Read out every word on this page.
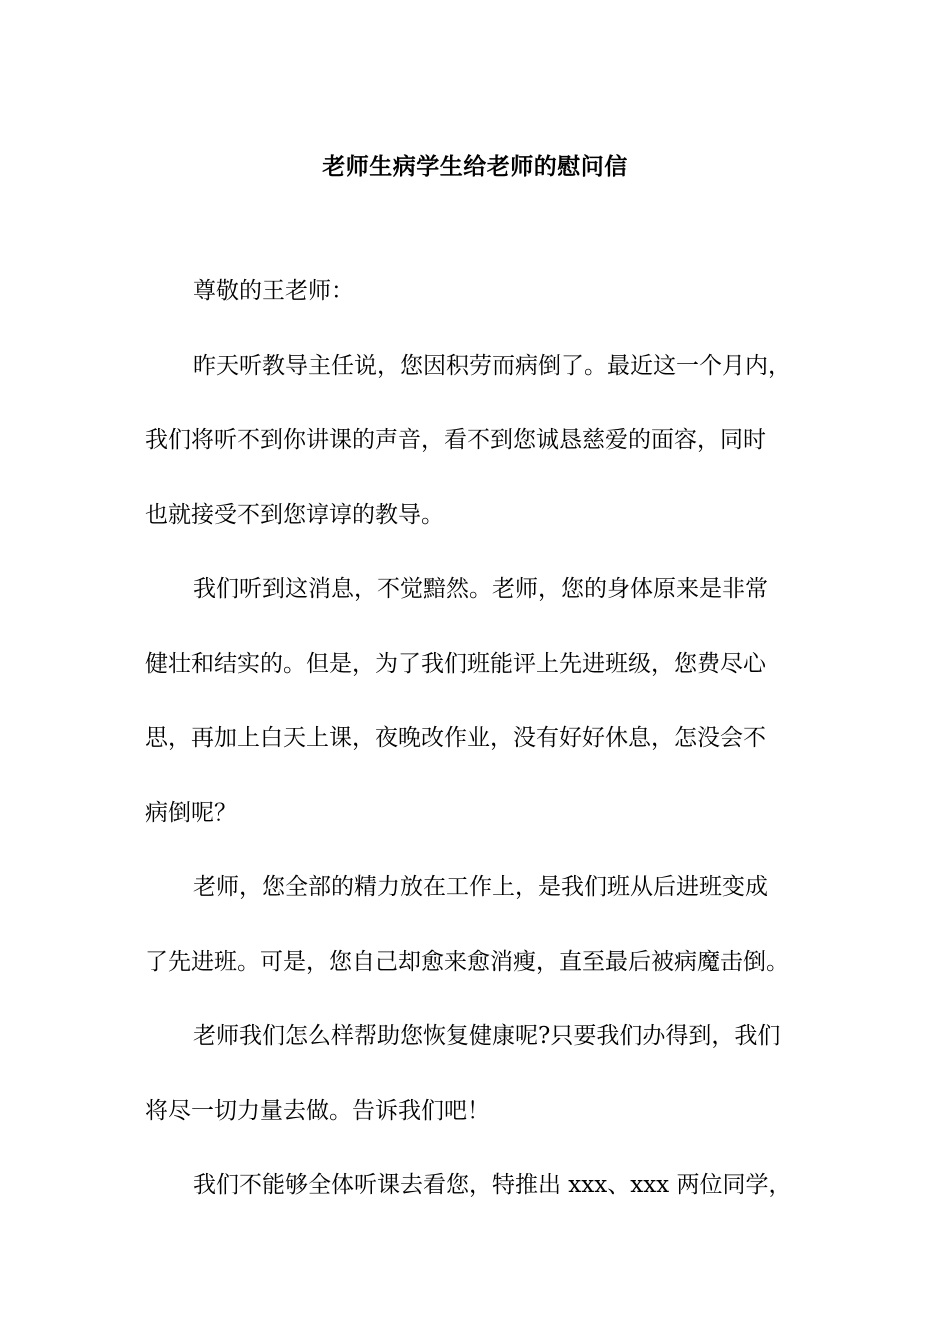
老师生病学生给老师的慰问信

尊敬的王老师：

昨天听教导主任说，您因积劳而病倒了。最近这一个月内，

我们将听不到你讲课的声音，看不到您诚恳慈爱的面容，同时

也就接受不到您谆谆的教导。

我们听到这消息，不觉黯然。老师，您的身体原来是非常

健壮和结实的。但是，为了我们班能评上先进班级，您费尽心

思，再加上白天上课，夜晚改作业，没有好好休息，怎没会不

病倒呢？

老师，您全部的精力放在工作上，是我们班从后进班变成

了先进班。可是，您自己却愈来愈消瘦，直至最后被病魔击倒。

老师我们怎么样帮助您恢复健康呢?只要我们办得到，我们

将尽一切力量去做。告诉我们吧！

我们不能够全体听课去看您，特推出 xxx、xxx 两位同学，
